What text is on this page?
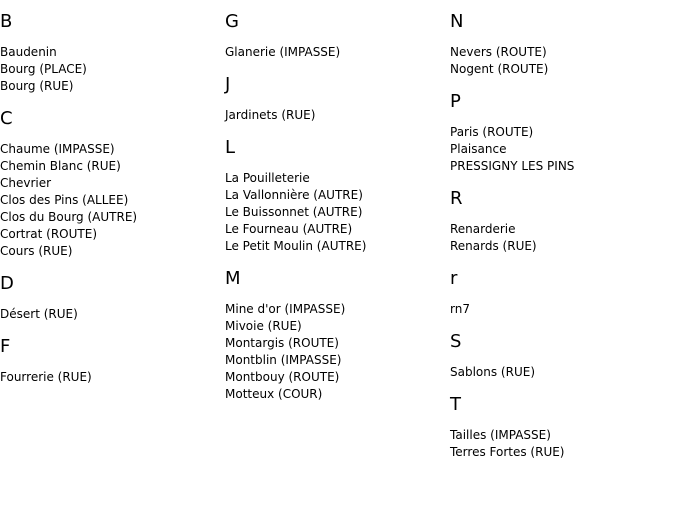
B
Baudenin
Bourg (PLACE)
Bourg (RUE)
C
Chaume (IMPASSE)
Chemin Blanc (RUE)
Chevrier
Clos des Pins (ALLEE)
Clos du Bourg (AUTRE)
Cortrat (ROUTE)
Cours (RUE)
D
Désert (RUE)
F
Fourrerie (RUE)
G
Glanerie (IMPASSE)
J
Jardinets (RUE)
L
La Pouilleterie
La Vallonnière (AUTRE)
Le Buissonnet (AUTRE)
Le Fourneau (AUTRE)
Le Petit Moulin (AUTRE)
M
Mine d'or (IMPASSE)
Mivoie (RUE)
Montargis (ROUTE)
Montblin (IMPASSE)
Montbouy (ROUTE)
Motteux (COUR)
N
Nevers (ROUTE)
Nogent (ROUTE)
P
Paris (ROUTE)
Plaisance
PRESSIGNY LES PINS
R
Renarderie
Renards (RUE)
r
rn7
S
Sablons (RUE)
T
Tailles (IMPASSE)
Terres Fortes (RUE)
